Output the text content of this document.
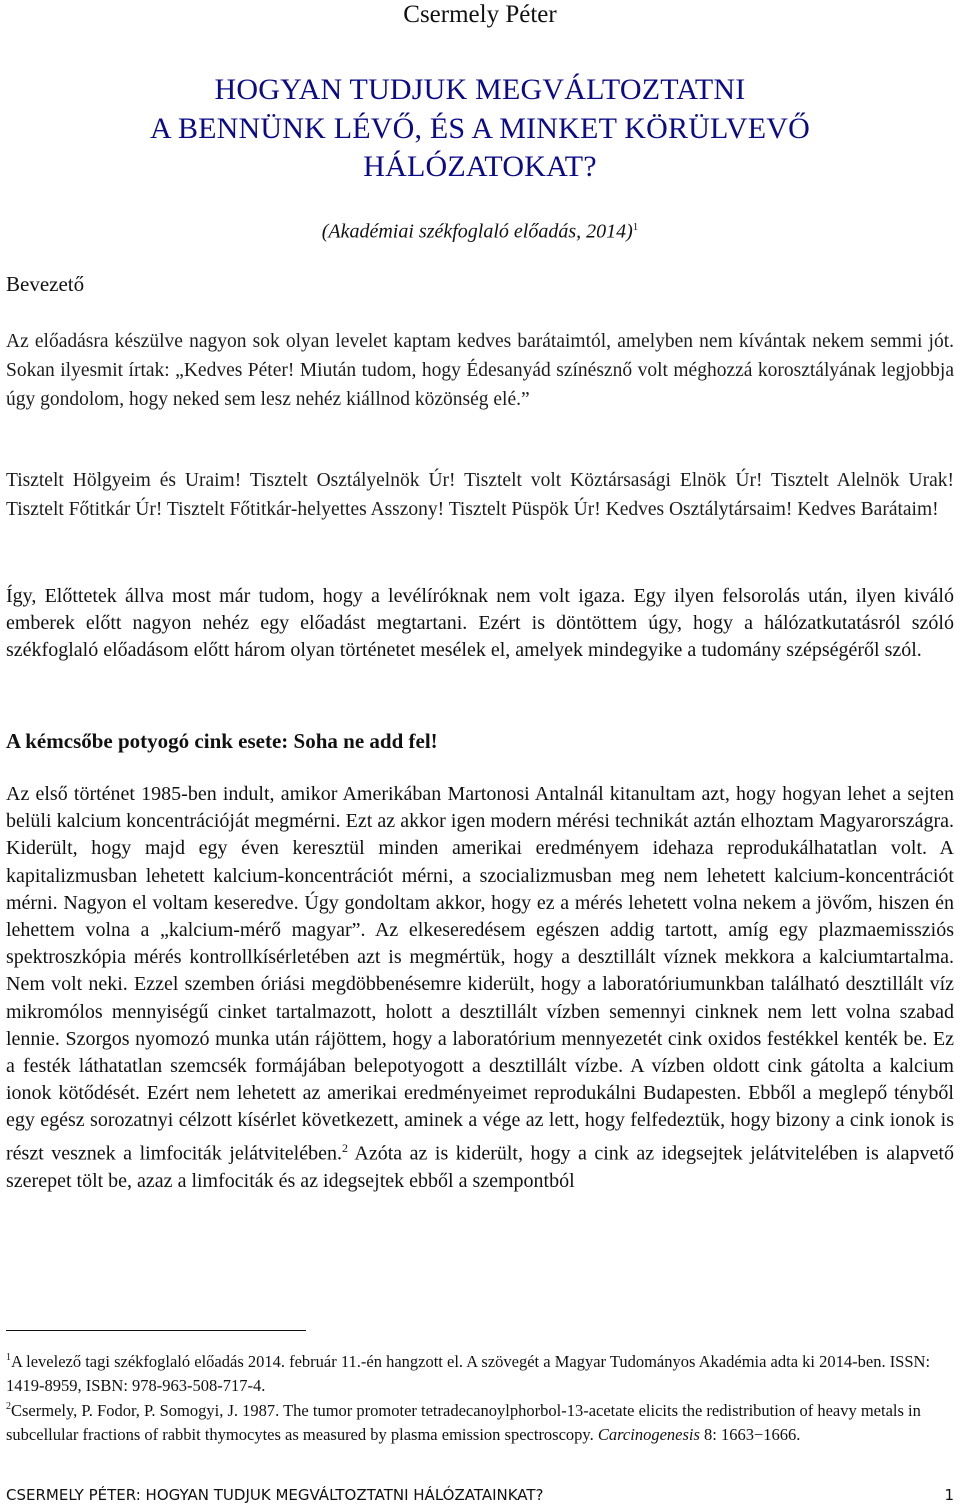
Csermely Péter
HOGYAN TUDJUK MEGVÁLTOZTATNI
A BENNÜNK LÉVŐ, ÉS A MINKET KÖRÜLVEVŐ
HÁLÓZATOKAT?
(Akadémiai székfoglaló előadás, 2014)$^1$
Bevezető
Az előadásra készülve nagyon sok olyan levelet kaptam kedves barátaimtól, amelyben nem kívántak nekem semmi jót. Sokan ilyesmit írtak: „Kedves Péter! Miután tudom, hogy Édesanyád színésznő volt méghozzá korosztályának legjobbja úgy gondolom, hogy neked sem lesz nehéz kiállnod közönség elé.”
Tisztelt Hölgyeim és Uraim! Tisztelt Osztályelnök Úr! Tisztelt volt Köztársasági Elnök Úr! Tisztelt Alelnök Urak! Tisztelt Főtitkár Úr! Tisztelt Főtitkár-helyettes Asszony! Tisztelt Püspök Úr! Kedves Osztálytársaim! Kedves Barátaim!
Így, Előttetek állva most már tudom, hogy a levélíróknak nem volt igaza. Egy ilyen felsorolás után, ilyen kiváló emberek előtt nagyon nehéz egy előadást megtartani. Ezért is döntöttem úgy, hogy a hálózatkutatásról szóló székfoglaló előadásom előtt három olyan történetet mesélek el, amelyek mindegyike a tudomány szépségéről szól.
A kémcsőbe potyogó cink esete: Soha ne add fel!
Az első történet 1985-ben indult, amikor Amerikában Martonosi Antalnál kitanultam azt, hogy hogyan lehet a sejten belüli kalcium koncentrációját megmérni. Ezt az akkor igen modern mérési technikát aztán elhoztam Magyarországra. Kiderült, hogy majd egy éven keresztül minden amerikai eredményem idehaza reprodukálhatatlan volt. A kapitalizmusban lehetett kalcium-koncentrációt mérni, a szocializmusban meg nem lehetett kalcium-koncentrációt mérni. Nagyon el voltam keseredve. Úgy gondoltam akkor, hogy ez a mérés lehetett volna nekem a jövőm, hiszen én lehettem volna a „kalcium-mérő magyar”. Az elkeseredésem egészen addig tartott, amíg egy plazmaemissziós spektroszkópia mérés kontrollkísérletében azt is megmértük, hogy a desztillált víznek mekkora a kalciumtartalma. Nem volt neki. Ezzel szemben óriási megdöbbenésemre kiderült, hogy a laboratóriumunkban található desztillált víz mikromólos mennyiségű cinket tartalmazott, holott a desztillált vízben semennyi cinknek nem lett volna szabad lennie. Szorgos nyomozó munka után rájöttem, hogy a laboratórium mennyezetét cink oxidos festékkel kenték be. Ez a festék láthatatlan szemcsék formájában belepotyogott a desztillált vízbe. A vízben oldott cink gátolta a kalcium ionok kötődését. Ezért nem lehetett az amerikai eredményeimet reprodukálni Budapesten. Ebből a meglepő tényből egy egész sorozatnyi célzott kísérlet következett, aminek a vége az lett, hogy felfedeztük, hogy bizony a cink ionok is részt vesznek a limfociták jelátvitelében.$^2$ Azóta az is kiderült, hogy a cink az idegsejtek jelátvitelében is alapvető szerepet tölt be, azaz a limfociták és az idegsejtek ebből a szempontból
$^1$A levelező tagi székfoglaló előadás 2014. február 11.-én hangzott el. A szövegét a Magyar Tudományos Akadémia adta ki 2014-ben. ISSN: 1419-8959, ISBN: 978-963-508-717-4.
$^2$Csermely, P. Fodor, P. Somogyi, J. 1987. The tumor promoter tetradecanoylphorbol-13-acetate elicits the redistribution of heavy metals in subcellular fractions of rabbit thymocytes as measured by plasma emission spectroscopy. Carcinogenesis 8: 1663−1666.
CSERMELY PÉTER: HOGYAN TUDJUK MEGVÁLTOZTATNI HÁLÓZATAINKAT?	1
